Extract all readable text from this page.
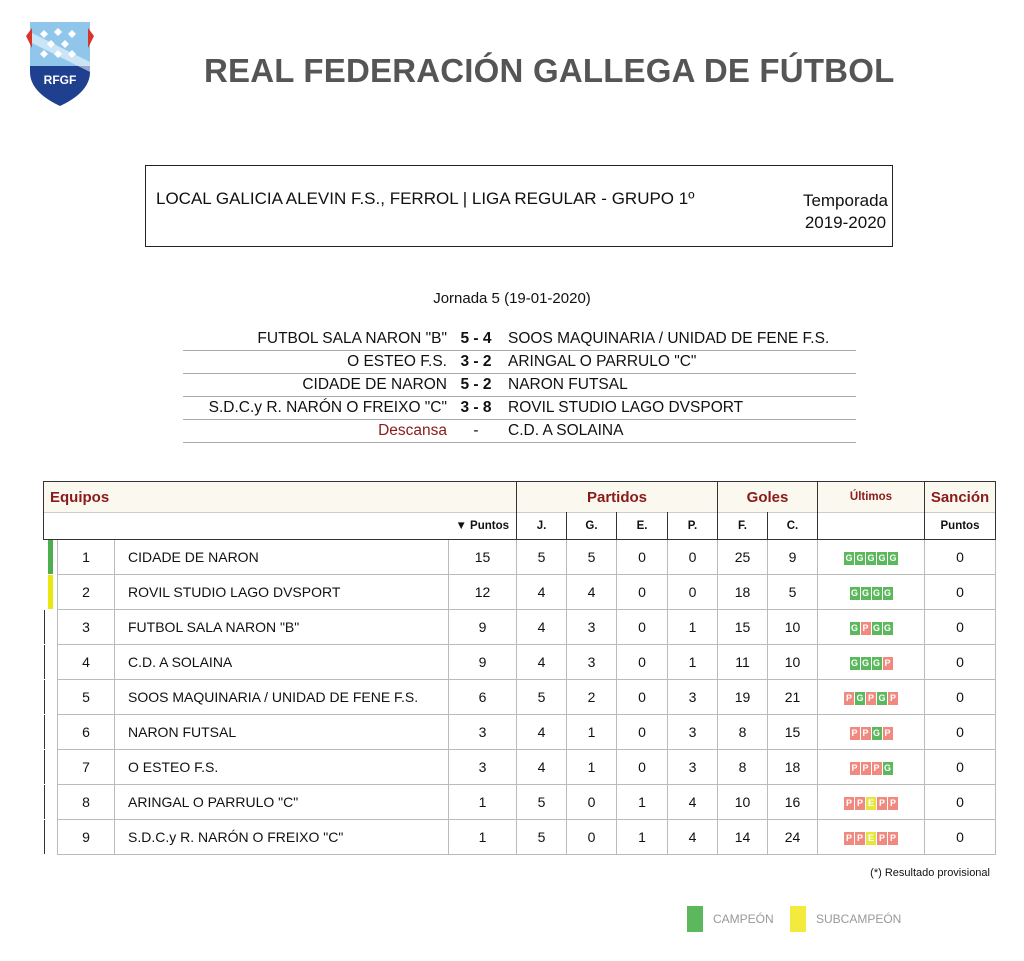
RFGF	REAL FEDERACIÓN GALLEGA DE FÚTBOL
LOCAL GALICIA ALEVIN F.S., FERROL | LIGA REGULAR - GRUPO 1º	Temporada
2019-2020
Jornada 5 (19-01-2020)
FUTBOL SALA NARON "B" 5 - 4	SOOS MAQUINARIA / UNIDAD DE FENE F.S.
O ESTEO F.S. 3 - 2	ARINGAL O PARRULO "C"
CIDADE DE NARON 5 - 2	NARON FUTSAL
S.D.C.y R. NARÓN O FREIXO "C" 3 - 8	ROVIL STUDIO LAGO DVSPORT
Descansa	-	C.D. A SOLAINA
Equipos				Partidos				Goles		Últimos	Sanción
			▼ Puntos	J.	G.	E.	P.	F.	C.		Puntos

	1	CIDADE DE NARON	15	5	5	0	0	25	9	G G G G G	0

	2	ROVIL STUDIO LAGO DVSPORT	12	4	4	0	0	18	5	G G G G	0

	3	FUTBOL SALA NARON "B"	9	4	3	0	1	15	10	G P G G	0

	4	C.D. A SOLAINA	9	4	3	0	1	11	10	G G G P	0

	5	SOOS MAQUINARIA / UNIDAD DE FENE F.S.	6	5	2	0	3	19	21	P G P G P	0

	6	NARON FUTSAL	3	4	1	0	3	8	15	P P G P	0

	7	O ESTEO F.S.	3	4	1	0	3	8	18	P P P G	0

	8	ARINGAL O PARRULO "C"	1	5	0	1	4	10	16	P P E P P	0

	9	S.D.C.y R. NARÓN O FREIXO "C"	1	5	0	1	4	14	24	P P E P P	0
(*) Resultado provisional
CAMPEÓN	SUBCAMPEÓN
